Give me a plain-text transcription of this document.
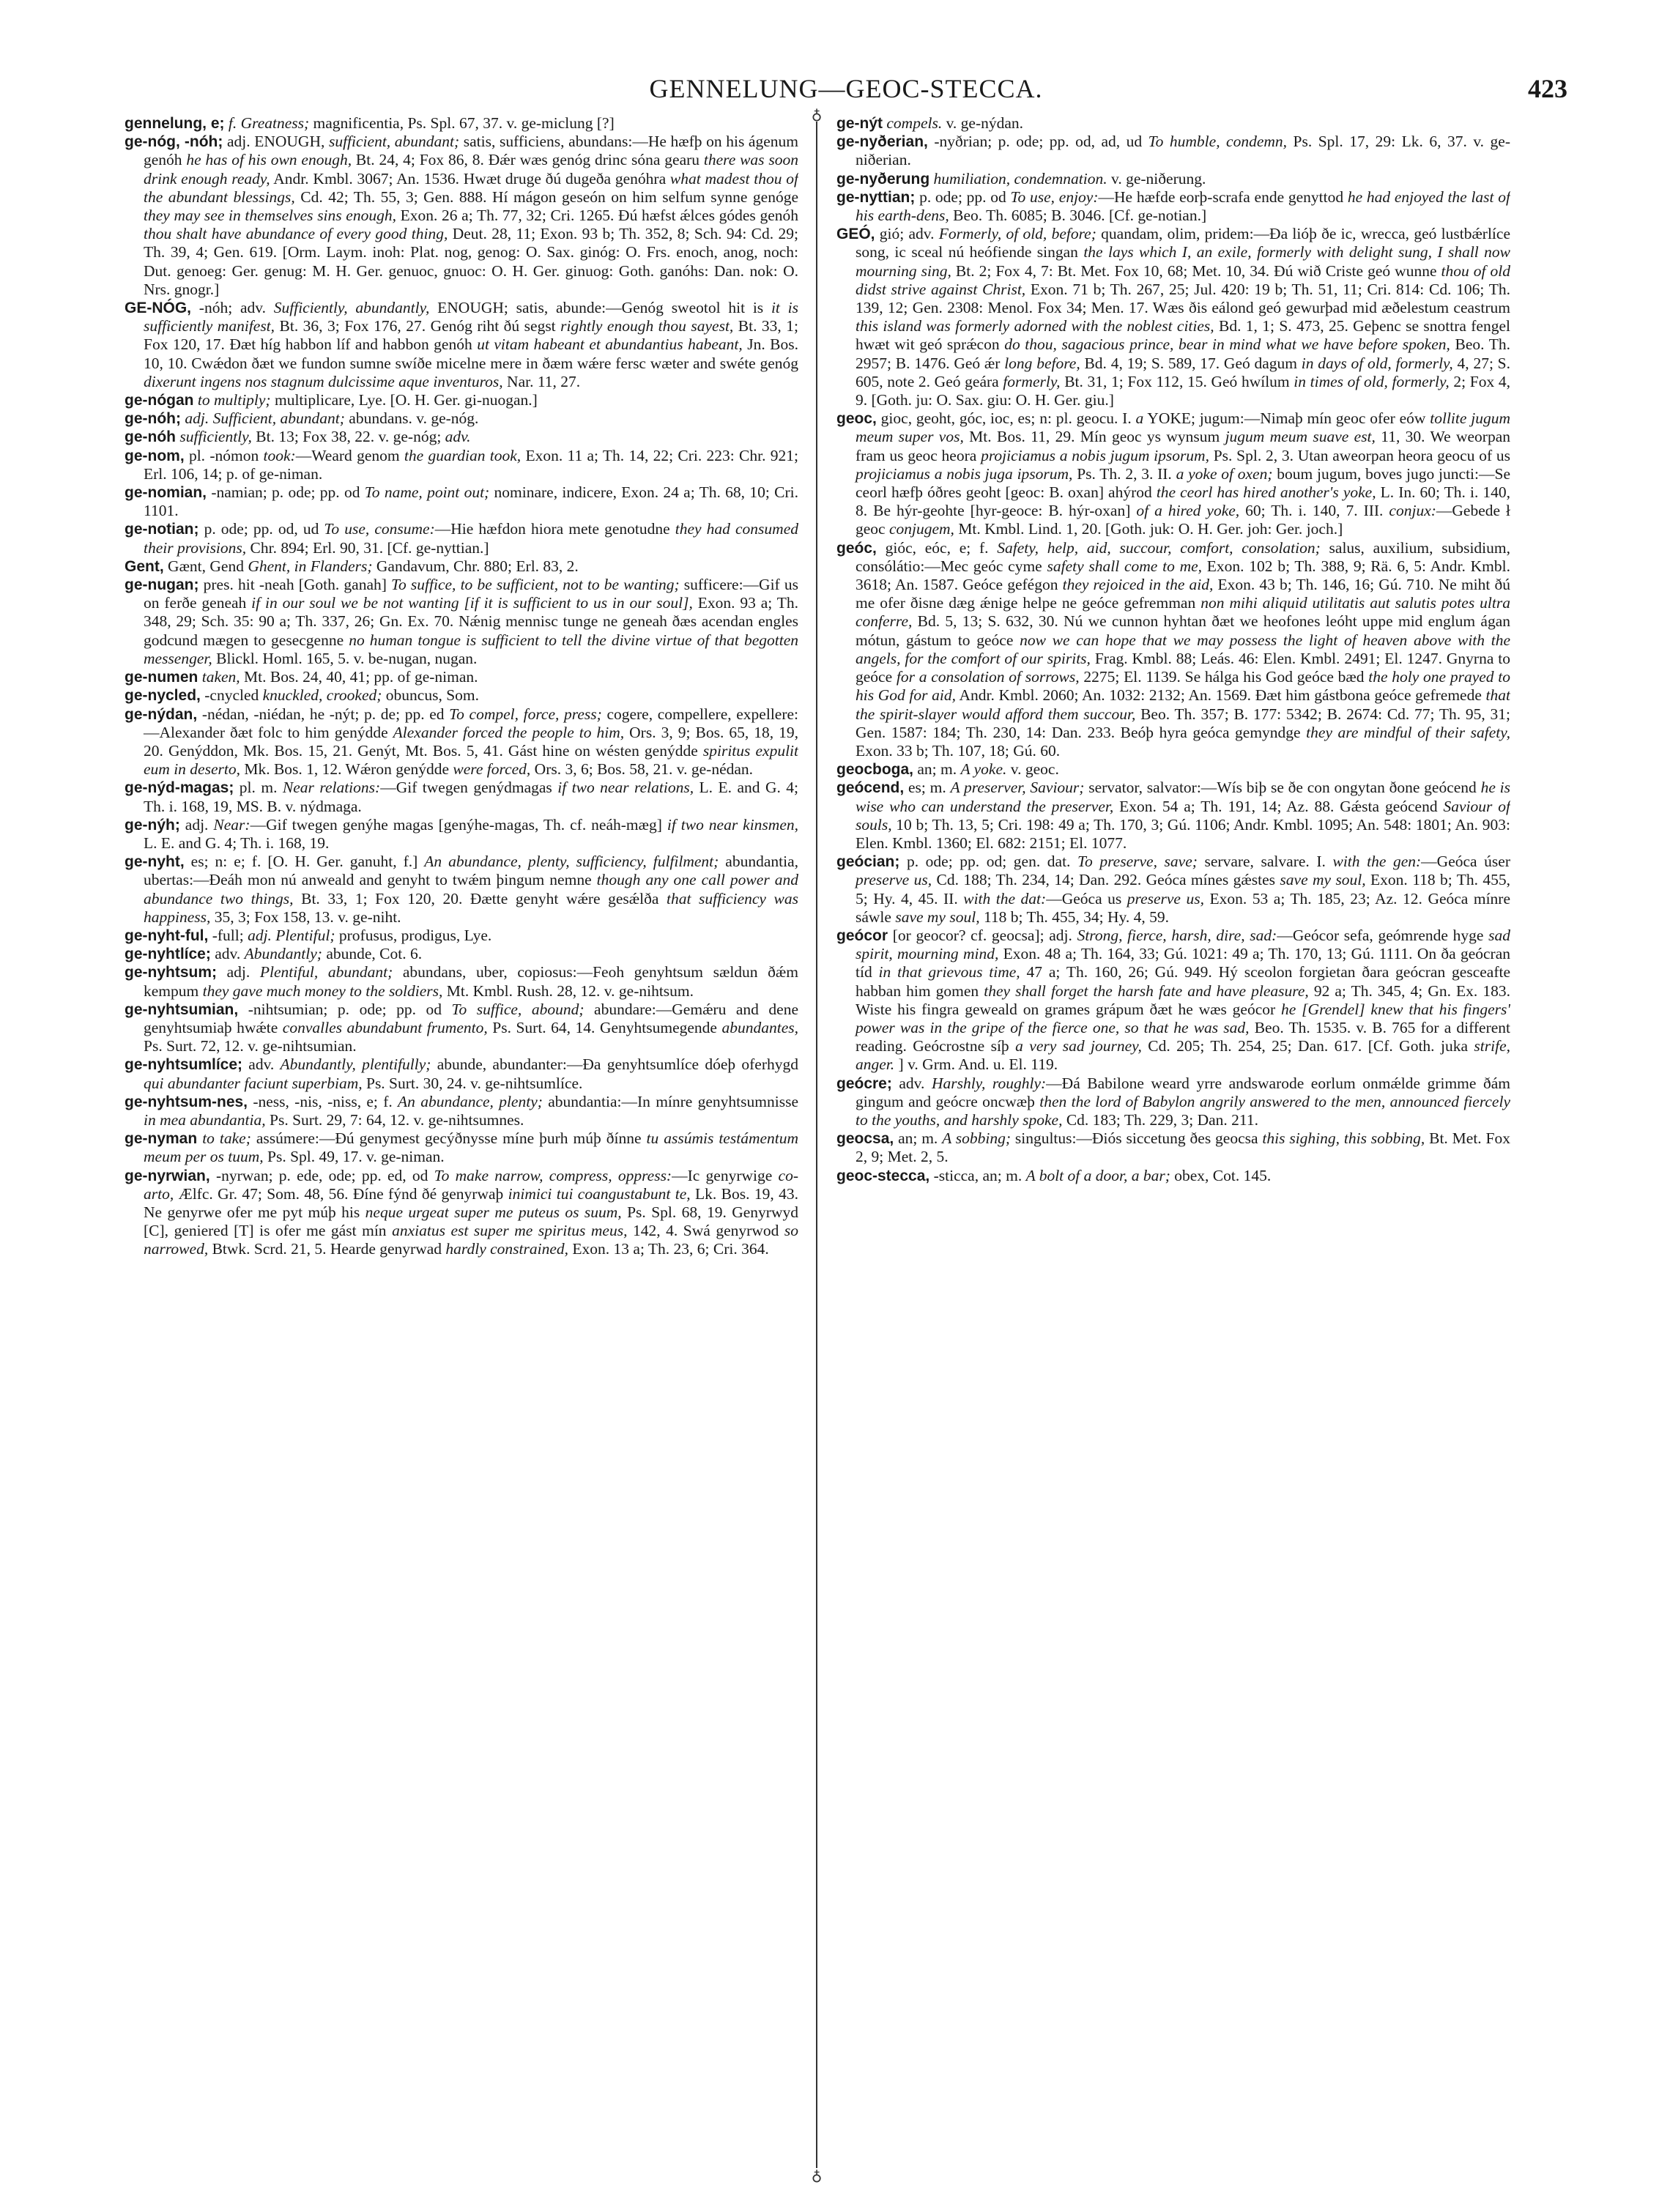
GENNELUNG—GEOC-STECCA.	423
gennelung, e; f. Greatness; magnificentia, Ps. Spl. 67, 37. v. ge-miclung [?]
ge-nóg, -nóh; adj. ENOUGH, sufficient, abundant; satis, sufficiens, abundans:—He hæfþ on his ágenum genóh he has of his own enough, Bt. 24, 4; Fox 86, 8. Ðǽr wæs genóg drinc sóna gearu there was soon drink enough ready, Andr. Kmbl. 3067; An. 1536. Hwæt druge ðú dugeða genóhra what madest thou of the abundant blessings, Cd. 42; Th. 55, 3; Gen. 888. Hí mágon geseón on him selfum synne genóge they may see in themselves sins enough, Exon. 26 a; Th. 77, 32; Cri. 1265. Ðú hæfst ǽlces gódes genóh thou shalt have abundance of every good thing, Deut. 28, 11; Exon. 93 b; Th. 352, 8; Sch. 94: Cd. 29; Th. 39, 4; Gen. 619. [Orm. Laym. inoh: Plat. nog, genog: O. Sax. ginóg: O. Frs. enoch, anog, noch: Dut. genoeg: Ger. genug: M. H. Ger. genuoc, gnuoc: O. H. Ger. ginuog: Goth. ganóhs: Dan. nok: O. Nrs. gnogr.]
GE-NÓG, -nóh; adv. Sufficiently, abundantly, ENOUGH; satis, abunde:—Genóg sweotol hit is it is sufficiently manifest, Bt. 36, 3; Fox 176, 27. Genóg riht ðú segst rightly enough thou sayest, Bt. 33, 1; Fox 120, 17. Ðæt híg habbon líf and habbon genóh ut vitam habeant et abundantius habeant, Jn. Bos. 10, 10. Cwǽdon ðæt we fundon sumne swíðe micelne mere in ðæm wǽre fersc wæter and swéte genóg dixerunt ingens nos stagnum dulcissime aque inventuros, Nar. 11, 27.
ge-nógan to multiply; multiplicare, Lye. [O. H. Ger. gi-nuogan.]
ge-nóh; adj. Sufficient, abundant; abundans. v. ge-nóg.
ge-nóh sufficiently, Bt. 13; Fox 38, 22. v. ge-nóg; adv.
ge-nom, pl. -nómon took:—Weard genom the guardian took, Exon. 11 a; Th. 14, 22; Cri. 223: Chr. 921; Erl. 106, 14; p. of ge-niman.
ge-nomian, -namian; p. ode; pp. od To name, point out; nominare, indicere, Exon. 24 a; Th. 68, 10; Cri. 1101.
ge-notian; p. ode; pp. od, ud To use, consume:—Hie hæfdon hiora mete genotudne they had consumed their provisions, Chr. 894; Erl. 90, 31. [Cf. ge-nyttian.]
Gent, Gænt, Gend Ghent, in Flanders; Gandavum, Chr. 880; Erl. 83, 2.
ge-nugan; pres. hit -neah [Goth. ganah] To suffice, to be sufficient, not to be wanting; sufficere:—Gif us on ferðe geneah if in our soul we be not wanting [if it is sufficient to us in our soul], Exon. 93 a; Th. 348, 29; Sch. 35: 90 a; Th. 337, 26; Gn. Ex. 70. Nǽnig mennisc tunge ne geneah ðæs acendan engles godcund mægen to gesecgenne no human tongue is sufficient to tell the divine virtue of that begotten messenger, Blickl. Homl. 165, 5. v. be-nugan, nugan.
ge-numen taken, Mt. Bos. 24, 40, 41; pp. of ge-niman.
ge-nycled, -cnycled knuckled, crooked; obuncus, Som.
ge-nýdan, -nédan, -niédan, he -nýt; p. de; pp. ed To compel, force, press; cogere, compellere, expellere:—Alexander ðæt folc to him genýdde Alexander forced the people to him, Ors. 3, 9; Bos. 65, 18, 19, 20. Genýddon, Mk. Bos. 15, 21. Genýt, Mt. Bos. 5, 41. Gást hine on wésten genýdde spiritus expulit eum in deserto, Mk. Bos. 1, 12. Wǽron genýdde were forced, Ors. 3, 6; Bos. 58, 21. v. ge-nédan.
ge-nýd-magas; pl. m. Near relations:—Gif twegen genýdmagas if two near relations, L. E. and G. 4; Th. i. 168, 19, MS. B. v. nýdmaga.
ge-nýh; adj. Near:—Gif twegen genýhe magas [genýhe-magas, Th. cf. neáh-mæg] if two near kinsmen, L. E. and G. 4; Th. i. 168, 19.
ge-nyht, es; n: e; f. [O. H. Ger. ganuht, f.] An abundance, plenty, sufficiency, fulfilment; abundantia, ubertas:—Ðeáh mon nú anweald and genyht to twǽm þingum nemne though any one call power and abundance two things, Bt. 33, 1; Fox 120, 20. Ðætte genyht wǽre gesǽlða that sufficiency was happiness, 35, 3; Fox 158, 13. v. ge-niht.
ge-nyht-ful, -full; adj. Plentiful; profusus, prodigus, Lye.
ge-nyhtlíce; adv. Abundantly; abunde, Cot. 6.
ge-nyhtsum; adj. Plentiful, abundant; abundans, uber, copiosus:—Feoh genyhtsum sældun ðǽm kempum they gave much money to the soldiers, Mt. Kmbl. Rush. 28, 12. v. ge-nihtsum.
ge-nyhtsumian, -nihtsumian; p. ode; pp. od To suffice, abound; abundare:—Gemǽru and dene genyhtsumiaþ hwǽte convalles abundabunt frumento, Ps. Surt. 64, 14. Genyhtsumegende abundantes, Ps. Surt. 72, 12. v. ge-nihtsumian.
ge-nyhtsumlíce; adv. Abundantly, plentifully; abunde, abundanter:—Ða genyhtsumlíce dóeþ oferhygd qui abundanter faciunt superbiam, Ps. Surt. 30, 24. v. ge-nihtsumlíce.
ge-nyhtsum-nes, -ness, -nis, -niss, e; f. An abundance, plenty; abundantia:—In mínre genyhtsumnisse in mea abundantia, Ps. Surt. 29, 7: 64, 12. v. ge-nihtsumnes.
ge-nyman to take; assúmere:—Ðú genymest gecýðnysse míne þurh múþ ðínne tu assúmis testámentum meum per os tuum, Ps. Spl. 49, 17. v. ge-niman.
ge-nyrwian, -nyrwan; p. ede, ode; pp. ed, od To make narrow, compress, oppress:—Ic genyrwige co-arto, Ælfc. Gr. 47; Som. 48, 56. Ðíne fýnd ðé genyrwaþ inimici tui coangustabunt te, Lk. Bos. 19, 43. Ne genyrwe ofer me pyt múþ his neque urgeat super me puteus os suum, Ps. Spl. 68, 19. Genyrwyd [C], geniered [T] is ofer me gást mín anxiatus est super me spiritus meus, 142, 4. Swá genyrwod so narrowed, Btwk. Scrd. 21, 5. Hearde genyrwad hardly constrained, Exon. 13 a; Th. 23, 6; Cri. 364.
♁
♁
ge-nýt compels. v. ge-nýdan.
ge-nyðerian, -nyðrian; p. ode; pp. od, ad, ud To humble, condemn, Ps. Spl. 17, 29: Lk. 6, 37. v. ge-niðerian.
ge-nyðerung humiliation, condemnation. v. ge-niðerung.
ge-nyttian; p. ode; pp. od To use, enjoy:—He hæfde eorþ-scrafa ende genyttod he had enjoyed the last of his earth-dens, Beo. Th. 6085; B. 3046. [Cf. ge-notian.]
GEÓ, gió; adv. Formerly, of old, before; quandam, olim, pridem:—Ða lióþ ðe ic, wrecca, geó lustbǽrlíce song, ic sceal nú heófiende singan the lays which I, an exile, formerly with delight sung, I shall now mourning sing, Bt. 2; Fox 4, 7: Bt. Met. Fox 10, 68; Met. 10, 34. Ðú wið Criste geó wunne thou of old didst strive against Christ, Exon. 71 b; Th. 267, 25; Jul. 420: 19 b; Th. 51, 11; Cri. 814: Cd. 106; Th. 139, 12; Gen. 2308: Menol. Fox 34; Men. 17. Wæs ðis eálond geó gewurþad mid æðelestum ceastrum this island was formerly adorned with the noblest cities, Bd. 1, 1; S. 473, 25. Geþenc se snottra fengel hwæt wit geó sprǽcon do thou, sagacious prince, bear in mind what we have before spoken, Beo. Th. 2957; B. 1476. Geó ǽr long before, Bd. 4, 19; S. 589, 17. Geó dagum in days of old, formerly, 4, 27; S. 605, note 2. Geó geára formerly, Bt. 31, 1; Fox 112, 15. Geó hwílum in times of old, formerly, 2; Fox 4, 9. [Goth. ju: O. Sax. giu: O. H. Ger. giu.]
geoc, gioc, geoht, góc, ioc, es; n: pl. geocu. I. a YOKE; jugum:—Nimaþ mín geoc ofer eów tollite jugum meum super vos, Mt. Bos. 11, 29. Mín geoc ys wynsum jugum meum suave est, 11, 30. We weorpan fram us geoc heora projiciamus a nobis jugum ipsorum, Ps. Spl. 2, 3. Utan aweorpan heora geocu of us projiciamus a nobis juga ipsorum, Ps. Th. 2, 3. II. a yoke of oxen; boum jugum, boves jugo juncti:—Se ceorl hæfþ óðres geoht [geoc: B. oxan] ahýrod the ceorl has hired another's yoke, L. In. 60; Th. i. 140, 8. Be hýr-geohte [hyr-geoce: B. hýr-oxan] of a hired yoke, 60; Th. i. 140, 7. III. conjux:—Gebede ł geoc conjugem, Mt. Kmbl. Lind. 1, 20. [Goth. juk: O. H. Ger. joh: Ger. joch.]
geóc, gióc, eóc, e; f. Safety, help, aid, succour, comfort, consolation; salus, auxilium, subsidium, consólátio:—Mec geóc cyme safety shall come to me, Exon. 102 b; Th. 388, 9; Rä. 6, 5: Andr. Kmbl. 3618; An. 1587. Geóce gefégon they rejoiced in the aid, Exon. 43 b; Th. 146, 16; Gú. 710. Ne miht ðú me ofer ðisne dæg ǽnige helpe ne geóce gefremman non mihi aliquid utilitatis aut salutis potes ultra conferre, Bd. 5, 13; S. 632, 30. Nú we cunnon hyhtan ðæt we heofones leóht uppe mid englum ágan mótun, gástum to geóce now we can hope that we may possess the light of heaven above with the angels, for the comfort of our spirits, Frag. Kmbl. 88; Leás. 46: Elen. Kmbl. 2491; El. 1247. Gnyrna to geóce for a consolation of sorrows, 2275; El. 1139. Se hálga his God geóce bæd the holy one prayed to his God for aid, Andr. Kmbl. 2060; An. 1032: 2132; An. 1569. Ðæt him gástbona geóce gefremede that the spirit-slayer would afford them succour, Beo. Th. 357; B. 177: 5342; B. 2674: Cd. 77; Th. 95, 31; Gen. 1587: 184; Th. 230, 14: Dan. 233. Beóþ hyra geóca gemyndge they are mindful of their safety, Exon. 33 b; Th. 107, 18; Gú. 60.
geocboga, an; m. A yoke. v. geoc.
geócend, es; m. A preserver, Saviour; servator, salvator:—Wís biþ se ðe con ongytan ðone geócend he is wise who can understand the preserver, Exon. 54 a; Th. 191, 14; Az. 88. Gǽsta geócend Saviour of souls, 10 b; Th. 13, 5; Cri. 198: 49 a; Th. 170, 3; Gú. 1106; Andr. Kmbl. 1095; An. 548: 1801; An. 903: Elen. Kmbl. 1360; El. 682: 2151; El. 1077.
geócian; p. ode; pp. od; gen. dat. To preserve, save; servare, salvare. I. with the gen:—Geóca úser preserve us, Cd. 188; Th. 234, 14; Dan. 292. Geóca mínes gǽstes save my soul, Exon. 118 b; Th. 455, 5; Hy. 4, 45. II. with the dat:—Geóca us preserve us, Exon. 53 a; Th. 185, 23; Az. 12. Geóca mínre sáwle save my soul, 118 b; Th. 455, 34; Hy. 4, 59.
geócor [or geocor? cf. geocsa]; adj. Strong, fierce, harsh, dire, sad:—Geócor sefa, geómrende hyge sad spirit, mourning mind, Exon. 48 a; Th. 164, 33; Gú. 1021: 49 a; Th. 170, 13; Gú. 1111. On ða geócran tíd in that grievous time, 47 a; Th. 160, 26; Gú. 949. Hý sceolon forgietan ðara geócran gesceafte habban him gomen they shall forget the harsh fate and have pleasure, 92 a; Th. 345, 4; Gn. Ex. 183. Wiste his fingra geweald on grames grápum ðæt he wæs geócor he [Grendel] knew that his fingers' power was in the gripe of the fierce one, so that he was sad, Beo. Th. 1535. v. B. 765 for a different reading. Geócrostne síþ a very sad journey, Cd. 205; Th. 254, 25; Dan. 617. [Cf. Goth. juka strife, anger. ] v. Grm. And. u. El. 119.
geócre; adv. Harshly, roughly:—Ðá Babilone weard yrre andswarode eorlum onmǽlde grimme ðám gingum and geócre oncwæþ then the lord of Babylon angrily answered to the men, announced fiercely to the youths, and harshly spoke, Cd. 183; Th. 229, 3; Dan. 211.
geocsa, an; m. A sobbing; singultus:—Ðiós siccetung ðes geocsa this sighing, this sobbing, Bt. Met. Fox 2, 9; Met. 2, 5.
geoc-stecca, -sticca, an; m. A bolt of a door, a bar; obex, Cot. 145.
